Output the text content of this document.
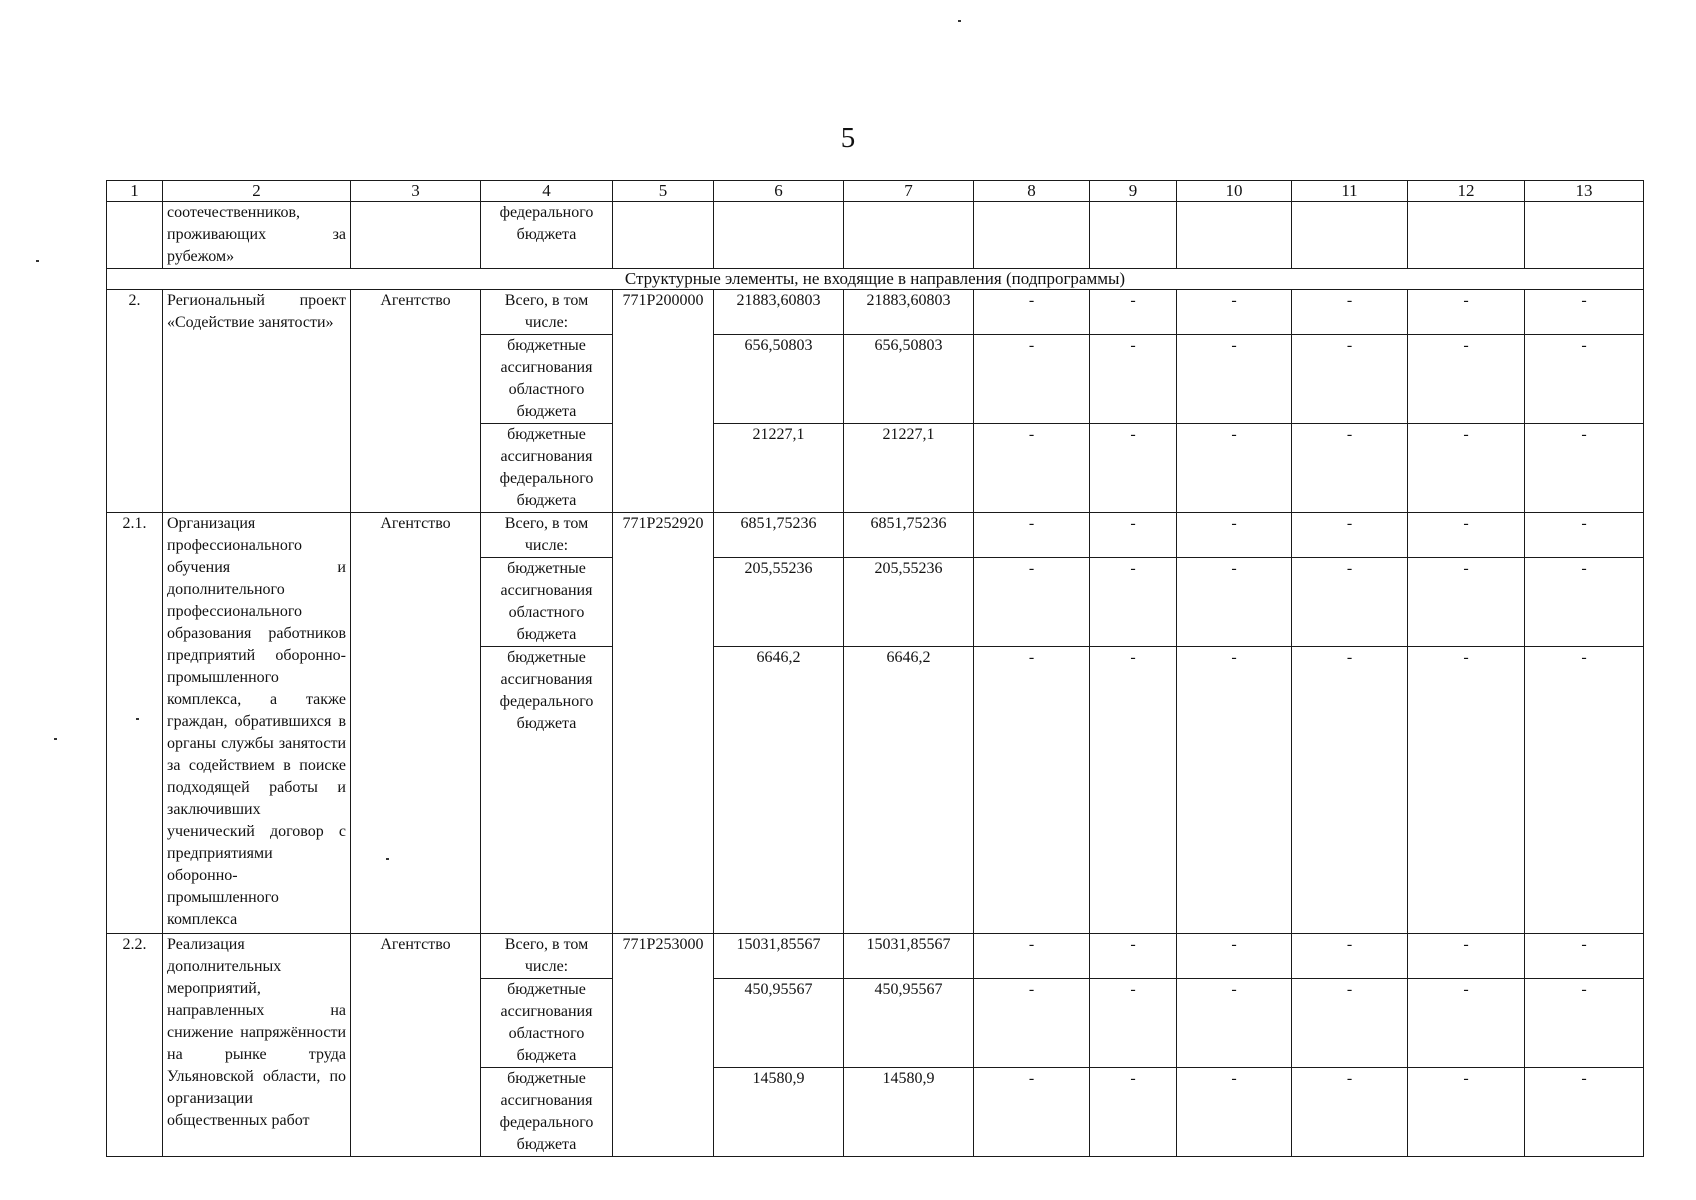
5
1	2	3	4	5	6	7	8	9	10	11	12	13
	соотечественников, проживающих за рубежом»		федерального бюджета									
Структурные элементы, не входящие в направления (подпрограммы)												
2.	Региональный проект «Содействие занятости»	Агентство	Всего, в том числе:	771Р200000	21883,60803	21883,60803	-	-	-	-	-	-
			бюджетные ассигнования областного бюджета		656,50803	656,50803	-	-	-	-	-	-
			бюджетные ассигнования федерального бюджета		21227,1	21227,1	-	-	-	-	-	-
2.1.	Организация профессионального обучения и дополнительного профессионального образования работников предприятий оборонно-промышленного комплекса, а также граждан, обратившихся в органы службы занятости за содействием в поиске подходящей работы и заключивших ученический договор с предприятиями оборонно-промышленного комплекса	Агентство	Всего, в том числе:	771Р252920	6851,75236	6851,75236	-	-	-	-	-	-
			бюджетные ассигнования областного бюджета		205,55236	205,55236	-	-	-	-	-	-
			бюджетные ассигнования федерального бюджета		6646,2	6646,2	-	-	-	-	-	-
2.2.	Реализация дополнительных мероприятий, направленных на снижение напряжённости на рынке труда Ульяновской области, по организации общественных работ	Агентство	Всего, в том числе:	771Р253000	15031,85567	15031,85567	-	-	-	-	-	-
			бюджетные ассигнования областного бюджета		450,95567	450,95567	-	-	-	-	-	-
			бюджетные ассигнования федерального бюджета		14580,9	14580,9	-	-	-	-	-	-
